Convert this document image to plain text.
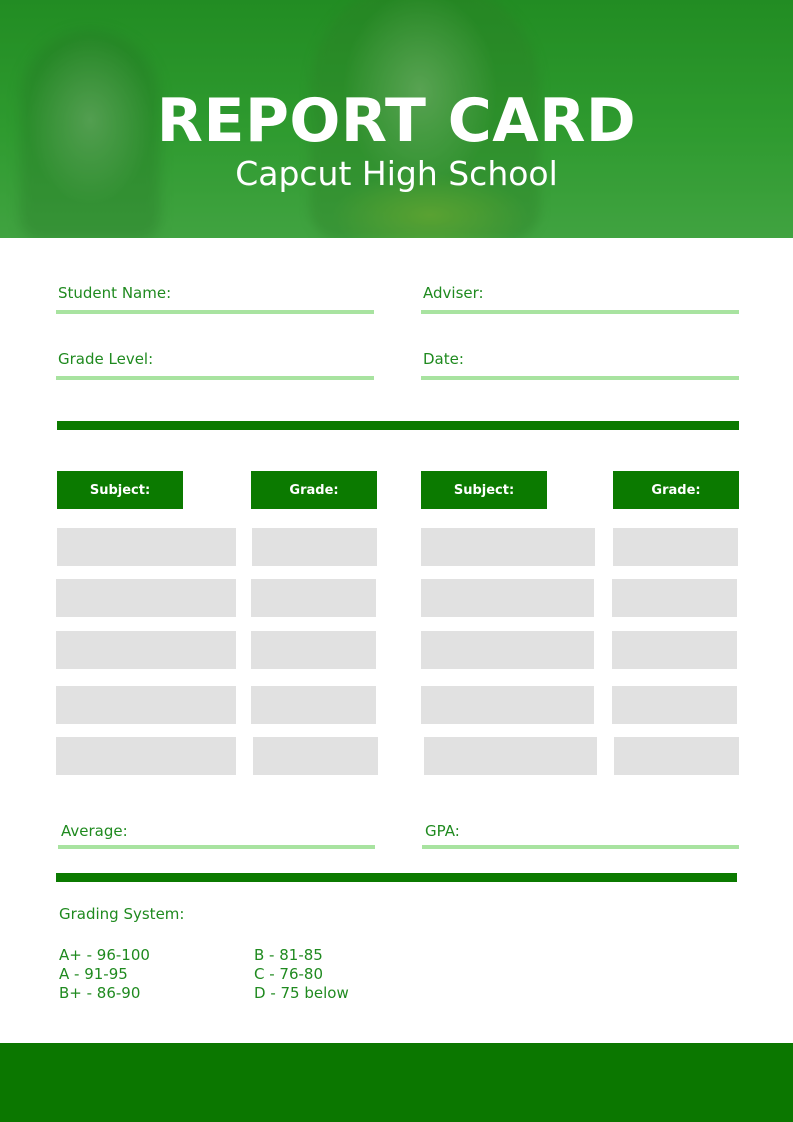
REPORT CARD
Capcut High School
Student Name:	Adviser:
Grade Level:	Date:
Subject:	Grade:	Subject:	Grade:
Average:	GPA:
Grading System:
A+ - 96-100
A - 91-95
B+ - 86-90
B - 81-85
C - 76-80
D - 75 below
